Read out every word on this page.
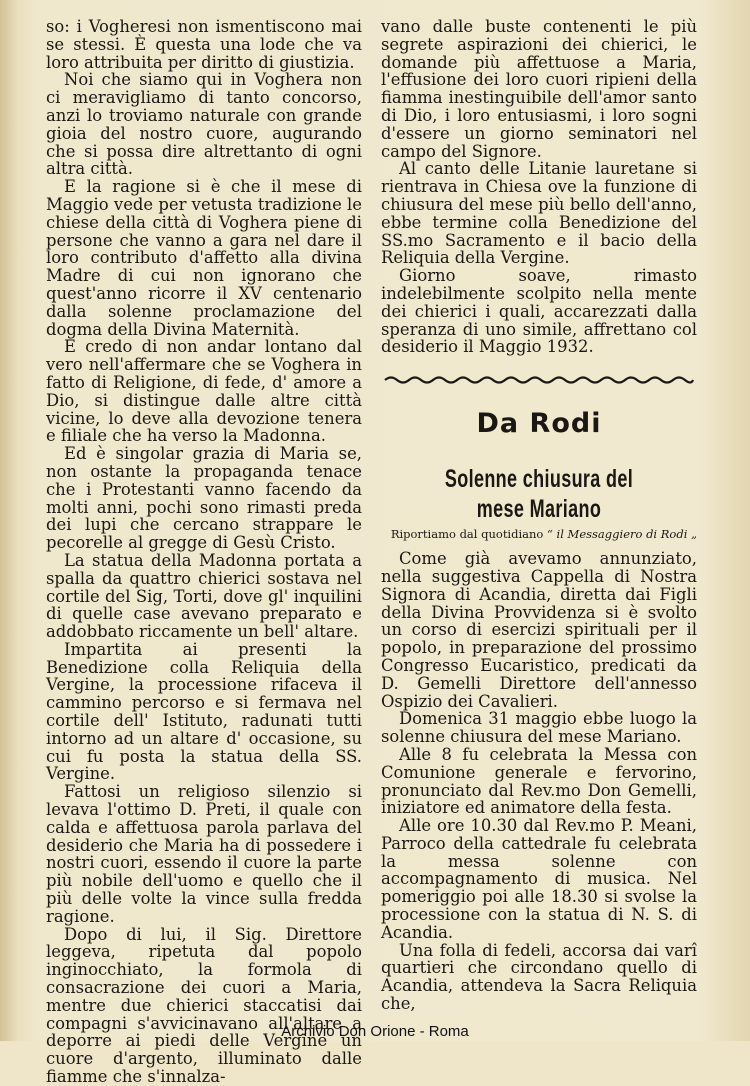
so: i Vogheresi non ismentiscono mai se stessi. È questa una lode che va loro attribuita per diritto di giustizia.

Noi che siamo qui in Voghera non ci meravigliamo di tanto concorso, anzi lo troviamo naturale con grande gioia del nostro cuore, augurando che si possa dire altrettanto di ogni altra città.

E la ragione si è che il mese di Maggio vede per vetusta tradizione le chiese della città di Voghera piene di persone che vanno a gara nel dare il loro contributo d'affetto alla divina Madre di cui non ignorano che quest'anno ricorre il XV centenario dalla solenne proclamazione del dogma della Divina Maternità.

E credo di non andar lontano dal vero nell'affermare che se Voghera in fatto di Religione, di fede, d' amore a Dio, si distingue dalle altre città vicine, lo deve alla devozione tenera e filiale che ha verso la Madonna.

Ed è singolar grazia di Maria se, non ostante la propaganda tenace che i Protestanti vanno facendo da molti anni, pochi sono rimasti preda dei lupi che cercano strappare le pecorelle al gregge di Gesù Cristo.

La statua della Madonna portata a spalla da quattro chierici sostava nel cortile del Sig, Torti, dove gl' inquilini di quelle case avevano preparato e addobbato riccamente un bell' altare.

Impartita ai presenti la Benedizione colla Reliquia della Vergine, la processione rifaceva il cammino percorso e si fermava nel cortile dell' Istituto, radunati tutti intorno ad un altare d' occasione, su cui fu posta la statua della SS. Vergine.

Fattosi un religioso silenzio si levava l'ottimo D. Preti, il quale con calda e affettuosa parola parlava del desiderio che Maria ha di possedere i nostri cuori, essendo il cuore la parte più nobile dell'uomo e quello che il più delle volte la vince sulla fredda ragione.

Dopo di lui, il Sig. Direttore leggeva, ripetuta dal popolo inginocchiato, la formola di consacrazione dei cuori a Maria, mentre due chierici staccatisi dai compagni s'avvicinavano all'altare a deporre ai piedi delle Vergine un cuore d'argento, illuminato dalle fiamme che s'innalza-

vano dalle buste contenenti le più segrete aspirazioni dei chierici, le domande più affettuose a Maria, l'effusione dei loro cuori ripieni della fiamma inestinguibile dell'amor santo di Dio, i loro entusiasmi, i loro sogni d'essere un giorno seminatori nel campo del Signore.

Al canto delle Litanie lauretane si rientrava in Chiesa ove la funzione di chiusura del mese più bello dell'anno, ebbe termine colla Benedizione del SS.mo Sacramento e il bacio della Reliquia della Vergine.

Giorno soave, rimasto indelebilmente scolpito nella mente dei chierici i quali, accarezzati dalla speranza di uno simile, affrettano col desiderio il Maggio 1932.

Da Rodi
Solenne chiusura del mese Mariano
Riportiamo dal quotidiano “ il Messaggiero di Rodi „

Come già avevamo annunziato, nella suggestiva Cappella di Nostra Signora di Acandia, diretta dai Figli della Divina Provvidenza si è svolto un corso di esercizi spirituali per il popolo, in preparazione del prossimo Congresso Eucaristico, predicati da D. Gemelli Direttore dell'annesso Ospizio dei Cavalieri.

Domenica 31 maggio ebbe luogo la solenne chiusura del mese Mariano.

Alle 8 fu celebrata la Messa con Comunione generale e fervorino, pronunciato dal Rev.mo Don Gemelli, iniziatore ed animatore della festa.

Alle ore 10.30 dal Rev.mo P. Meani, Parroco della cattedrale fu celebrata la messa solenne con accompagnamento di musica. Nel pomeriggio poi alle 18.30 si svolse la processione con la statua di N. S. di Acandia.

Una folla di fedeli, accorsa dai varî quartieri che circondano quello di Acandia, attendeva la Sacra Reliquia che,

Archivio Don Orione - Roma
